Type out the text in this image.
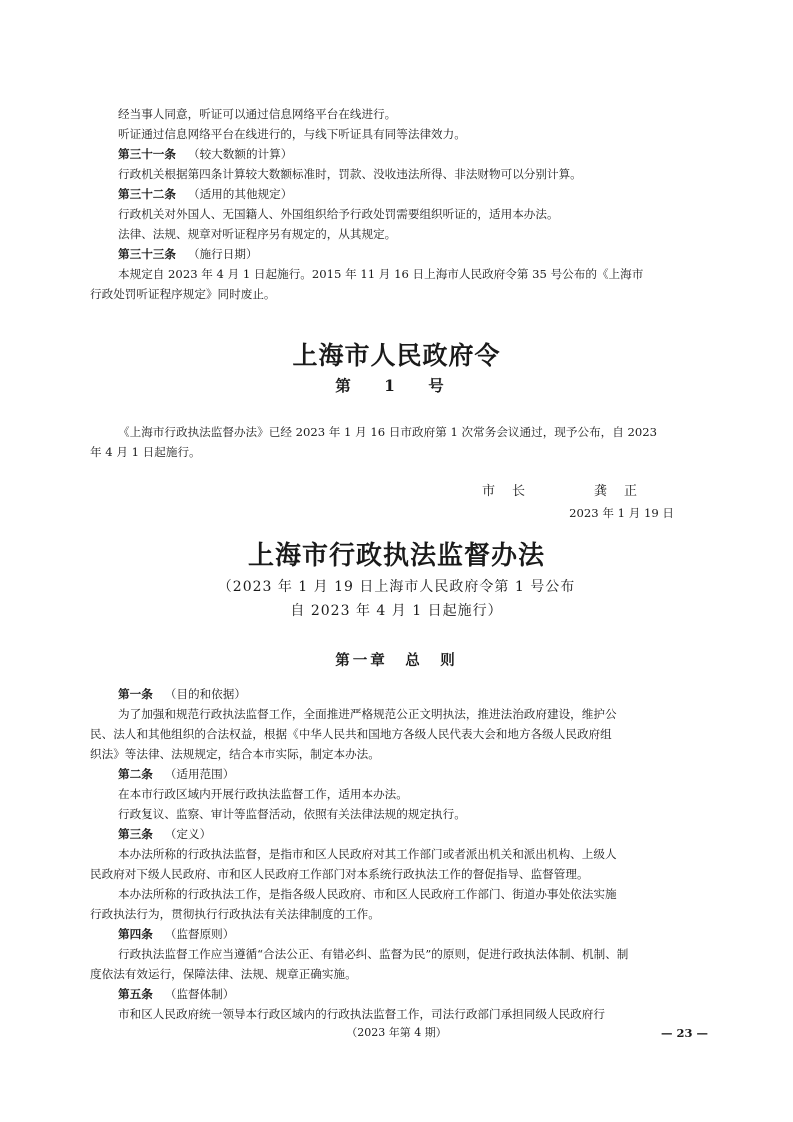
经当事人同意，听证可以通过信息网络平台在线进行。
听证通过信息网络平台在线进行的，与线下听证具有同等法律效力。
第三十一条 （较大数额的计算）
行政机关根据第四条计算较大数额标准时，罚款、没收违法所得、非法财物可以分别计算。
第三十二条 （适用的其他规定）
行政机关对外国人、无国籍人、外国组织给予行政处罚需要组织听证的，适用本办法。
法律、法规、规章对听证程序另有规定的，从其规定。
第三十三条 （施行日期）
本规定自 2023 年 4 月 1 日起施行。2015 年 11 月 16 日上海市人民政府令第 35 号公布的《上海市
行政处罚听证程序规定》同时废止。
上海市人民政府令
第 1 号
《上海市行政执法监督办法》已经 2023 年 1 月 16 日市政府第 1 次常务会议通过，现予公布，自 2023
年 4 月 1 日起施行。
市　长	龚　正
2023 年 1 月 19 日
上海市行政执法监督办法
（2023 年 1 月 19 日上海市人民政府令第 1 号公布
自 2023 年 4 月 1 日起施行）
第一章　总　则
第一条 （目的和依据）
为了加强和规范行政执法监督工作，全面推进严格规范公正文明执法，推进法治政府建设，维护公
民、法人和其他组织的合法权益，根据《中华人民共和国地方各级人民代表大会和地方各级人民政府组
织法》等法律、法规规定，结合本市实际，制定本办法。
第二条 （适用范围）
在本市行政区域内开展行政执法监督工作，适用本办法。
行政复议、监察、审计等监督活动，依照有关法律法规的规定执行。
第三条 （定义）
本办法所称的行政执法监督，是指市和区人民政府对其工作部门或者派出机关和派出机构、上级人
民政府对下级人民政府、市和区人民政府工作部门对本系统行政执法工作的督促指导、监督管理。
本办法所称的行政执法工作，是指各级人民政府、市和区人民政府工作部门、街道办事处依法实施
行政执法行为，贯彻执行行政执法有关法律制度的工作。
第四条 （监督原则）
行政执法监督工作应当遵循“合法公正、有错必纠、监督为民”的原则，促进行政执法体制、机制、制
度依法有效运行，保障法律、法规、规章正确实施。
第五条 （监督体制）
市和区人民政府统一领导本行政区域内的行政执法监督工作，司法行政部门承担同级人民政府行
（2023 年第 4 期）	— 23 —
